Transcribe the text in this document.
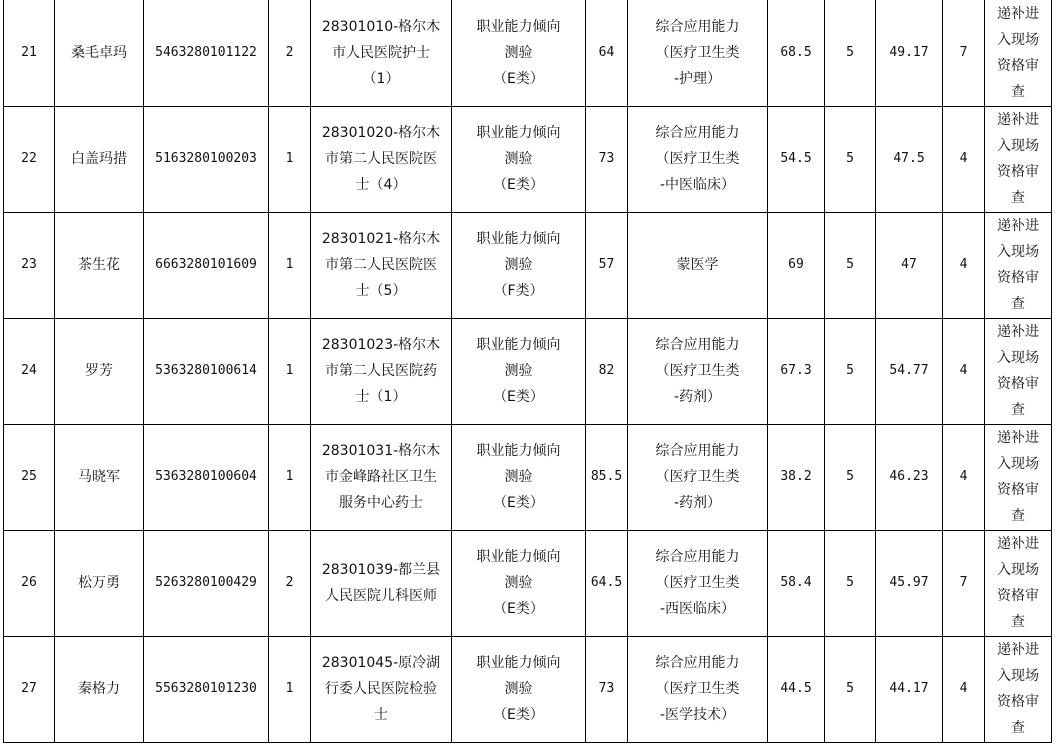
21	桑毛卓玛	5463280101122	2	28301010-格尔木
市人民医院护士
（1）	职业能力倾向
测验
（E类）	64	综合应用能力
（医疗卫生类
-护理）	68.5	5	49.17	7	递补进
入现场
资格审
查
22	白盖玛措	5163280100203	1	28301020-格尔木
市第二人民医院医
士（4）	职业能力倾向
测验
（E类）	73	综合应用能力
（医疗卫生类
-中医临床）	54.5	5	47.5	4	递补进
入现场
资格审
查
23	茶生花	6663280101609	1	28301021-格尔木
市第二人民医院医
士（5）	职业能力倾向
测验
（F类）	57	蒙医学	69	5	47	4	递补进
入现场
资格审
查
24	罗芳	5363280100614	1	28301023-格尔木
市第二人民医院药
士（1）	职业能力倾向
测验
（E类）	82	综合应用能力
（医疗卫生类
-药剂）	67.3	5	54.77	4	递补进
入现场
资格审
查
25	马晓军	5363280100604	1	28301031-格尔木
市金峰路社区卫生
服务中心药士	职业能力倾向
测验
（E类）	85.5	综合应用能力
（医疗卫生类
-药剂）	38.2	5	46.23	4	递补进
入现场
资格审
查
26	松万勇	5263280100429	2	28301039-都兰县
人民医院儿科医师	职业能力倾向
测验
（E类）	64.5	综合应用能力
（医疗卫生类
-西医临床）	58.4	5	45.97	7	递补进
入现场
资格审
查
27	秦格力	5563280101230	1	28301045-原冷湖
行委人民医院检验
士	职业能力倾向
测验
（E类）	73	综合应用能力
（医疗卫生类
-医学技术）	44.5	5	44.17	4	递补进
入现场
资格审
查
